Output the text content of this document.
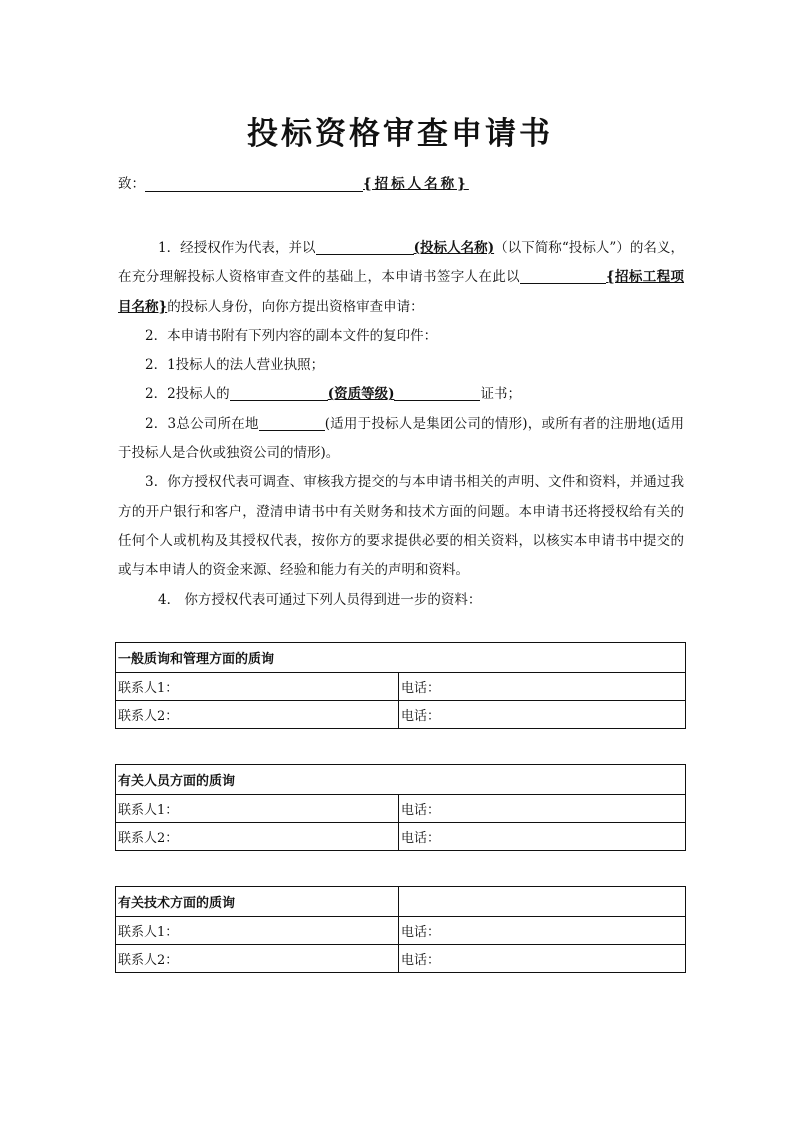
投标资格审查申请书
致：	{招标人名称}

1．经授权作为代表，并以	(投标人名称)（以下简称“投标人”）的名义，在充分理解投标人资格审查文件的基础上，本申请书签字人在此以	{招标工程项目名称}的投标人身份，向你方提出资格审查申请：

2．本申请书附有下列内容的副本文件的复印件：

2．1投标人的法人营业执照；

2．2投标人的	(资质等级)	证书；

2．3总公司所在地	(适用于投标人是集团公司的情形)，或所有者的注册地(适用于投标人是合伙或独资公司的情形)。

3．你方授权代表可调查、审核我方提交的与本申请书相关的声明、文件和资料，并通过我方的开户银行和客户，澄清申请书中有关财务和技术方面的问题。本申请书还将授权给有关的任何个人或机构及其授权代表，按你方的要求提供必要的相关资料，以核实本申请书中提交的或与本申请人的资金来源、经验和能力有关的声明和资料。

4． 你方授权代表可通过下列人员得到进一步的资料：

一般质询和管理方面的质询	
联系人1：	电话：
联系人2：	电话：
有关人员方面的质询	
联系人1：	电话：
联系人2：	电话：
有关技术方面的质询	
联系人1：	电话：
联系人2：	电话：
